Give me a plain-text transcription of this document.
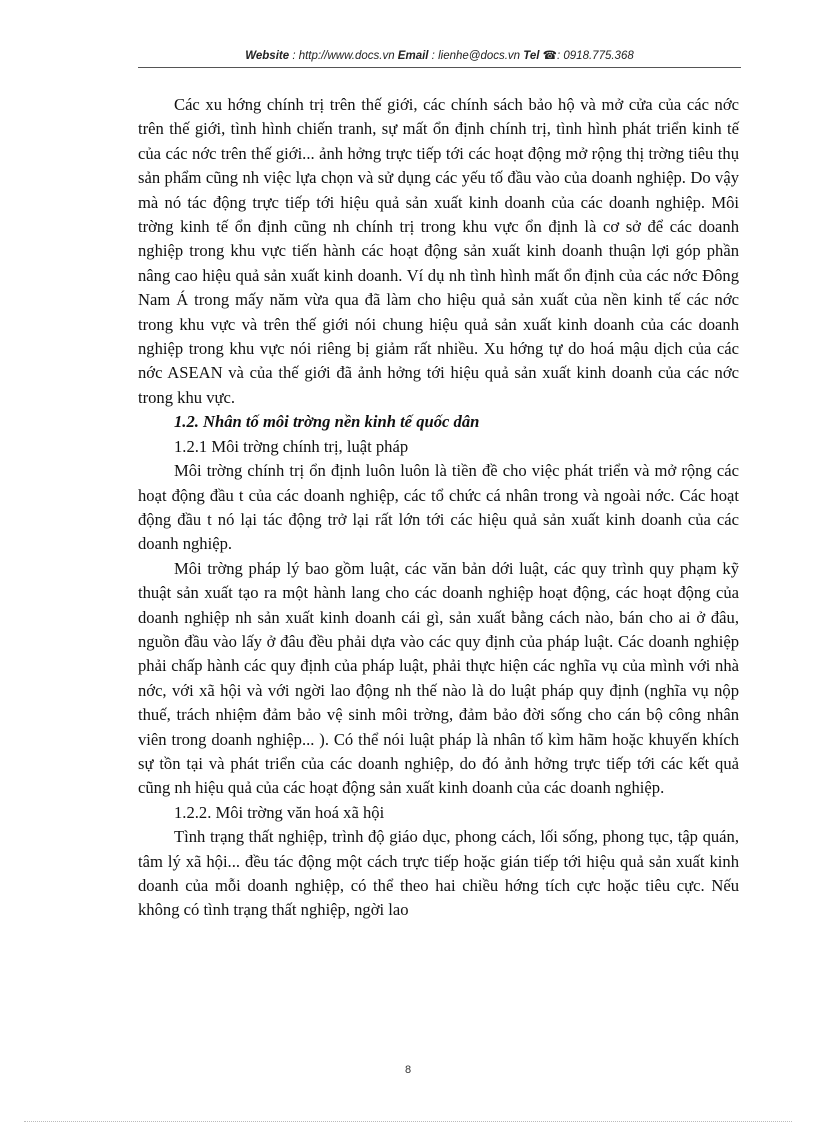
Website : http://www.docs.vn Email : lienhe@docs.vn Tel ☎: 0918.775.368

Các xu hớng chính trị trên thế giới, các chính sách bảo hộ và mở cửa của các nớc trên thế giới, tình hình chiến tranh, sự mất ổn định chính trị, tình hình phát triển kinh tế của các nớc trên thế giới... ảnh hởng trực tiếp tới các hoạt động mở rộng thị trờng tiêu thụ sản phẩm cũng nh việc lựa chọn và sử dụng các yếu tố đầu vào của doanh nghiệp. Do vậy mà nó tác động trực tiếp tới hiệu quả sản xuất kinh doanh của các doanh nghiệp. Môi trờng kinh tế ổn định cũng nh chính trị trong khu vực ổn định là cơ sở để các doanh nghiệp trong khu vực tiến hành các hoạt động sản xuất kinh doanh thuận lợi góp phần nâng cao hiệu quả sản xuất kinh doanh. Ví dụ nh tình hình mất ổn định của các nớc Đông Nam Á trong mấy năm vừa qua đã làm cho hiệu quả sản xuất của nền kinh tế các nớc trong khu vực và trên thế giới nói chung hiệu quả sản xuất kinh doanh của các doanh nghiệp trong khu vực nói riêng bị giảm rất nhiều. Xu hớng tự do hoá mậu dịch của các nớc ASEAN và của thế giới đã ảnh hởng tới hiệu quả sản xuất kinh doanh của các nớc trong khu vực.

1.2. Nhân tố môi trờng nền kinh tế quốc dân
1.2.1 Môi trờng chính trị, luật pháp

Môi trờng chính trị ổn định luôn luôn là tiền đề cho việc phát triển và mở rộng các hoạt động đầu t của các doanh nghiệp, các tổ chức cá nhân trong và ngoài nớc. Các hoạt động đầu t nó lại tác động trở lại rất lớn tới các hiệu quả sản xuất kinh doanh của các doanh nghiệp.

Môi trờng pháp lý bao gồm luật, các văn bản dới luật, các quy trình quy phạm kỹ thuật sản xuất tạo ra một hành lang cho các doanh nghiệp hoạt động, các hoạt động của doanh nghiệp nh sản xuất kinh doanh cái gì, sản xuất bằng cách nào, bán cho ai ở đâu, nguồn đầu vào lấy ở đâu đều phải dựa vào các quy định của pháp luật. Các doanh nghiệp phải chấp hành các quy định của pháp luật, phải thực hiện các nghĩa vụ của mình với nhà nớc, với xã hội và với ngời lao động nh thế nào là do luật pháp quy định (nghĩa vụ nộp thuế, trách nhiệm đảm bảo vệ sinh môi trờng, đảm bảo đời sống cho cán bộ công nhân viên trong doanh nghiệp... ). Có thể nói luật pháp là nhân tố kìm hãm hoặc khuyến khích sự tồn tại và phát triển của các doanh nghiệp, do đó ảnh hởng trực tiếp tới các kết quả cũng nh hiệu quả của các hoạt động sản xuất kinh doanh của các doanh nghiệp.

1.2.2. Môi trờng văn hoá xã hội

Tình trạng thất nghiệp, trình độ giáo dục, phong cách, lối sống, phong tục, tập quán, tâm lý xã hội... đều tác động một cách trực tiếp hoặc gián tiếp tới hiệu quả sản xuất kinh doanh của mỗi doanh nghiệp, có thể theo hai chiều hớng tích cực hoặc tiêu cực. Nếu không có tình trạng thất nghiệp, ngời lao

8
